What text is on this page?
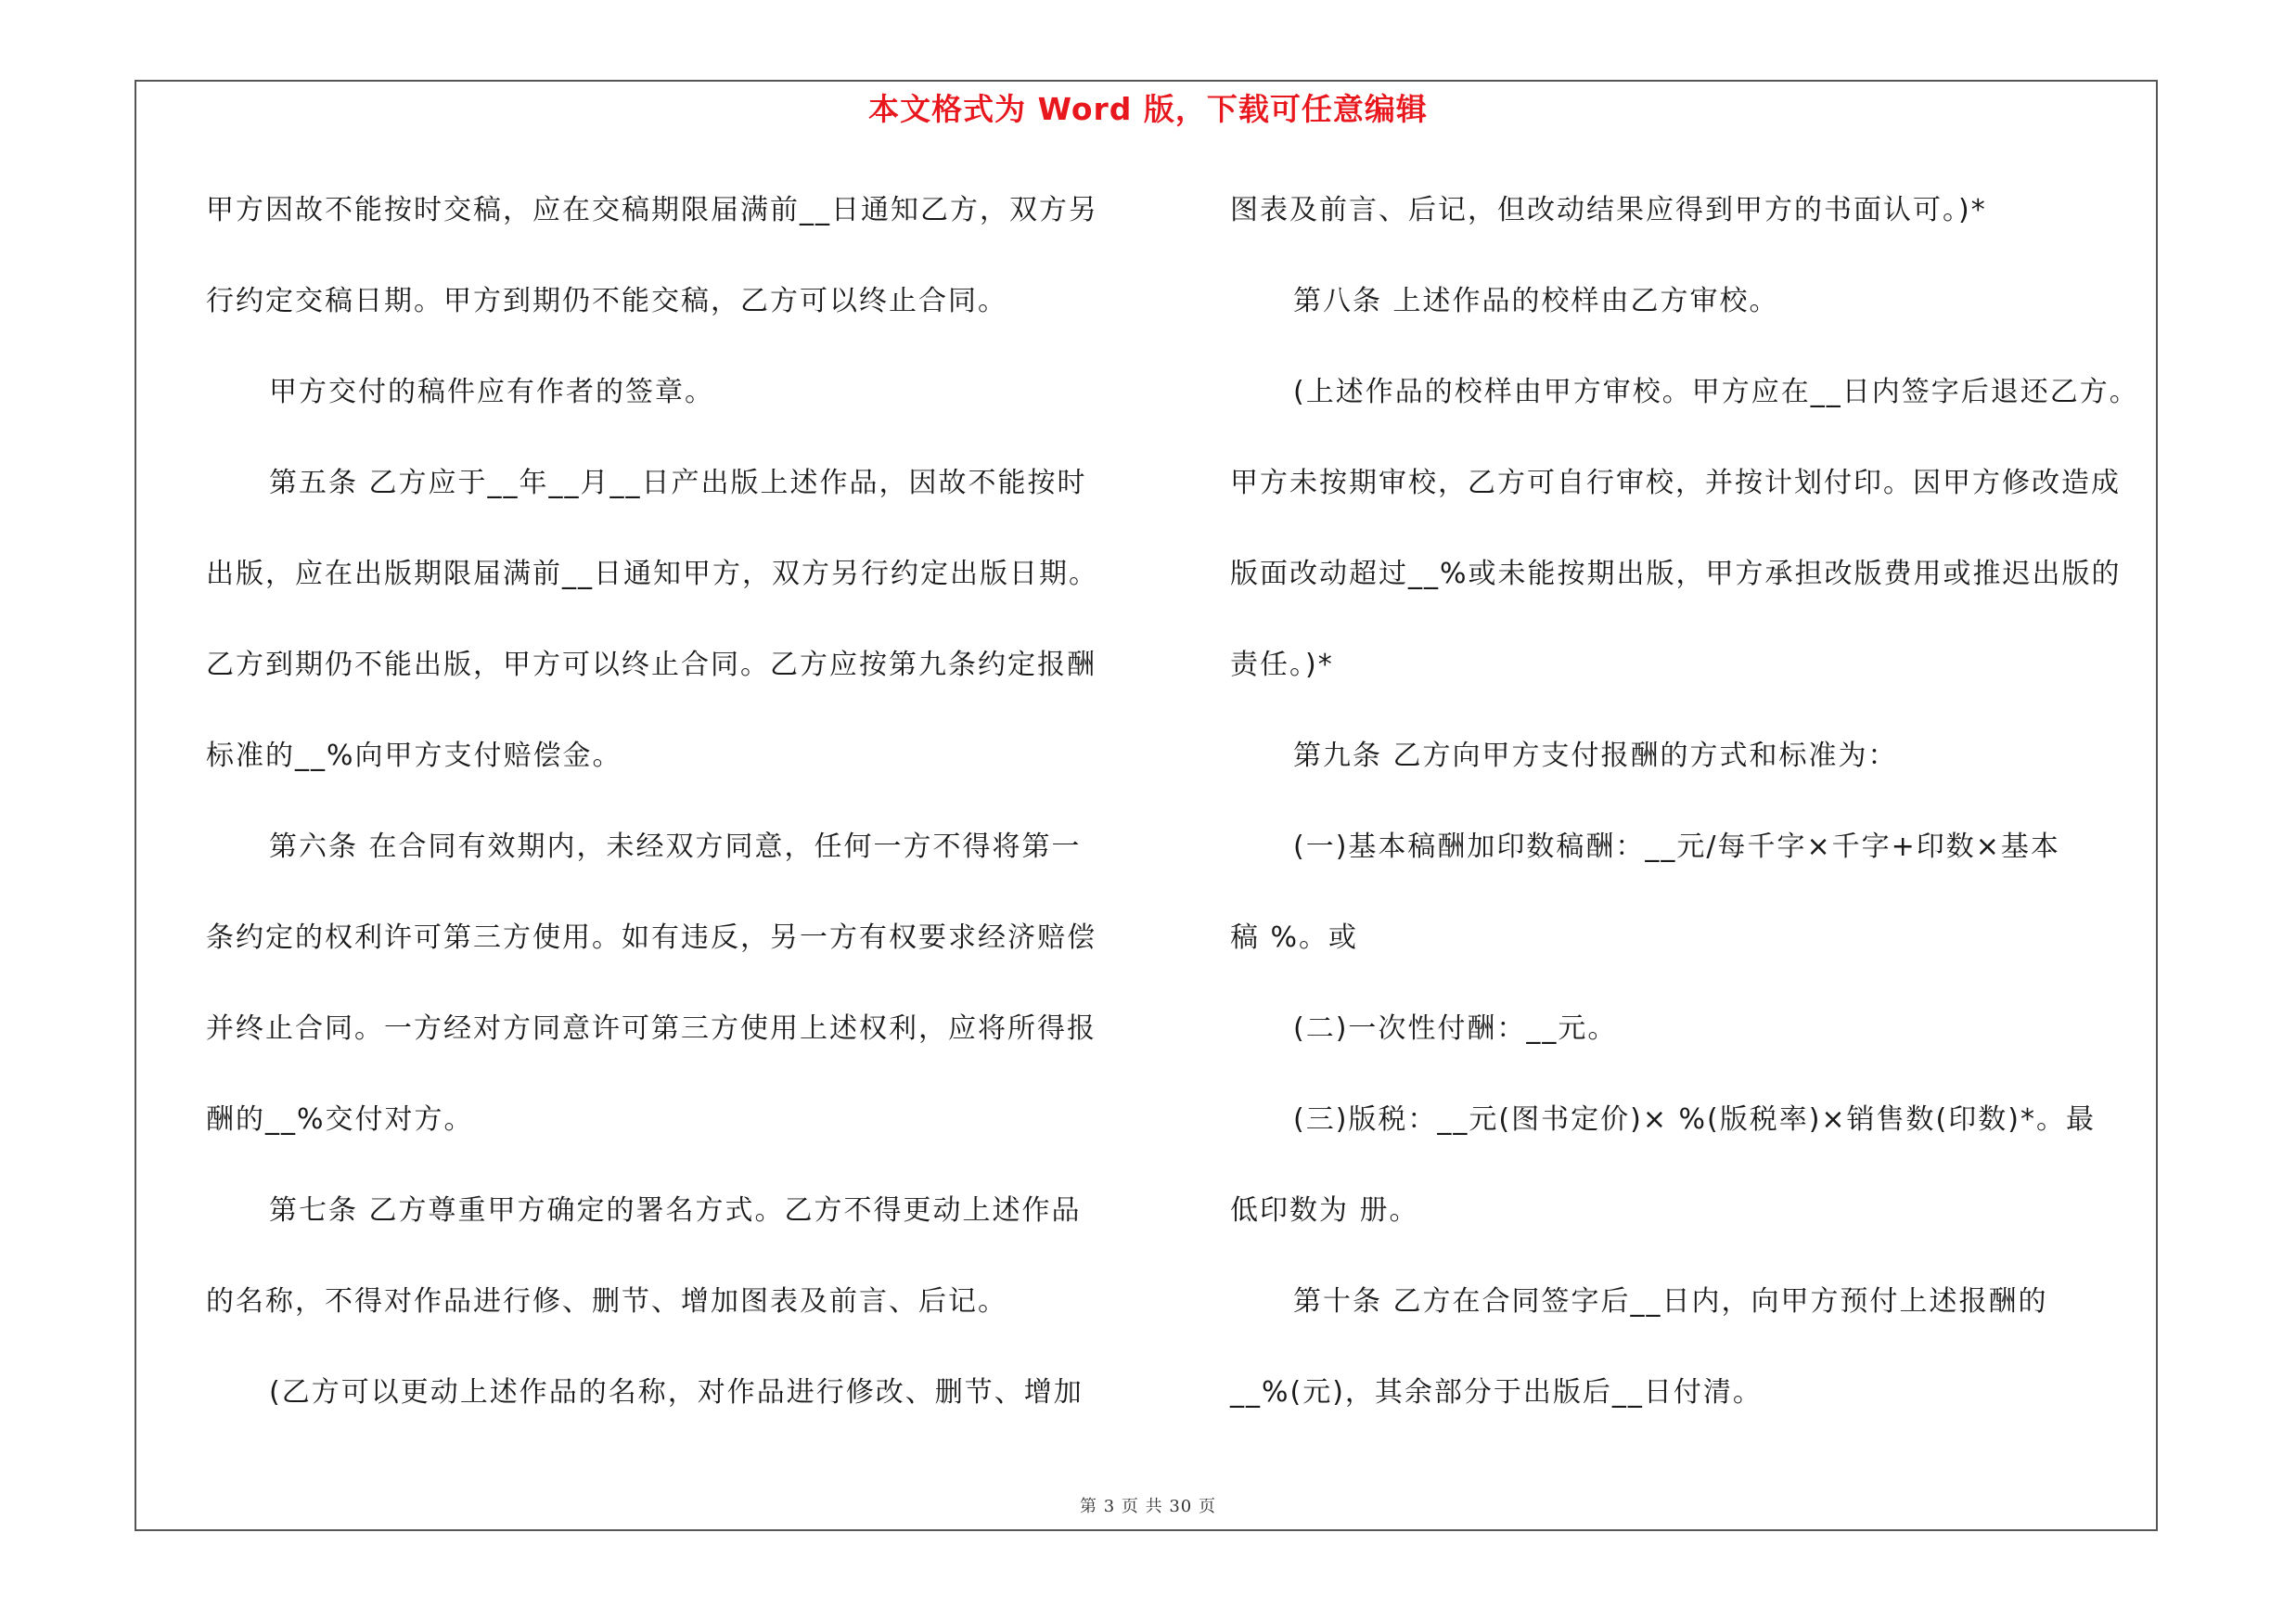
本文格式为 Word 版，下载可任意编辑
甲方因故不能按时交稿，应在交稿期限届满前__日通知乙方，双方另
行约定交稿日期。甲方到期仍不能交稿，乙方可以终止合同。
甲方交付的稿件应有作者的签章。
第五条 乙方应于__年__月__日产出版上述作品，因故不能按时
出版，应在出版期限届满前__日通知甲方，双方另行约定出版日期。
乙方到期仍不能出版，甲方可以终止合同。乙方应按第九条约定报酬
标准的__%向甲方支付赔偿金。
第六条 在合同有效期内，未经双方同意，任何一方不得将第一
条约定的权利许可第三方使用。如有违反，另一方有权要求经济赔偿
并终止合同。一方经对方同意许可第三方使用上述权利，应将所得报
酬的__%交付对方。
第七条 乙方尊重甲方确定的署名方式。乙方不得更动上述作品
的名称，不得对作品进行修、删节、增加图表及前言、后记。
(乙方可以更动上述作品的名称，对作品进行修改、删节、增加
图表及前言、后记，但改动结果应得到甲方的书面认可。)*
第八条 上述作品的校样由乙方审校。
(上述作品的校样由甲方审校。甲方应在__日内签字后退还乙方。
甲方未按期审校，乙方可自行审校，并按计划付印。因甲方修改造成
版面改动超过__%或未能按期出版，甲方承担改版费用或推迟出版的
责任。)*
第九条 乙方向甲方支付报酬的方式和标准为：
(一)基本稿酬加印数稿酬：__元/每千字×千字+印数×基本
稿 %。或
(二)一次性付酬：__元。
(三)版税：__元(图书定价)× %(版税率)×销售数(印数)*。最
低印数为 册。
第十条 乙方在合同签字后__日内，向甲方预付上述报酬的
__%(元)，其余部分于出版后__日付清。
第 3 页 共 30 页
